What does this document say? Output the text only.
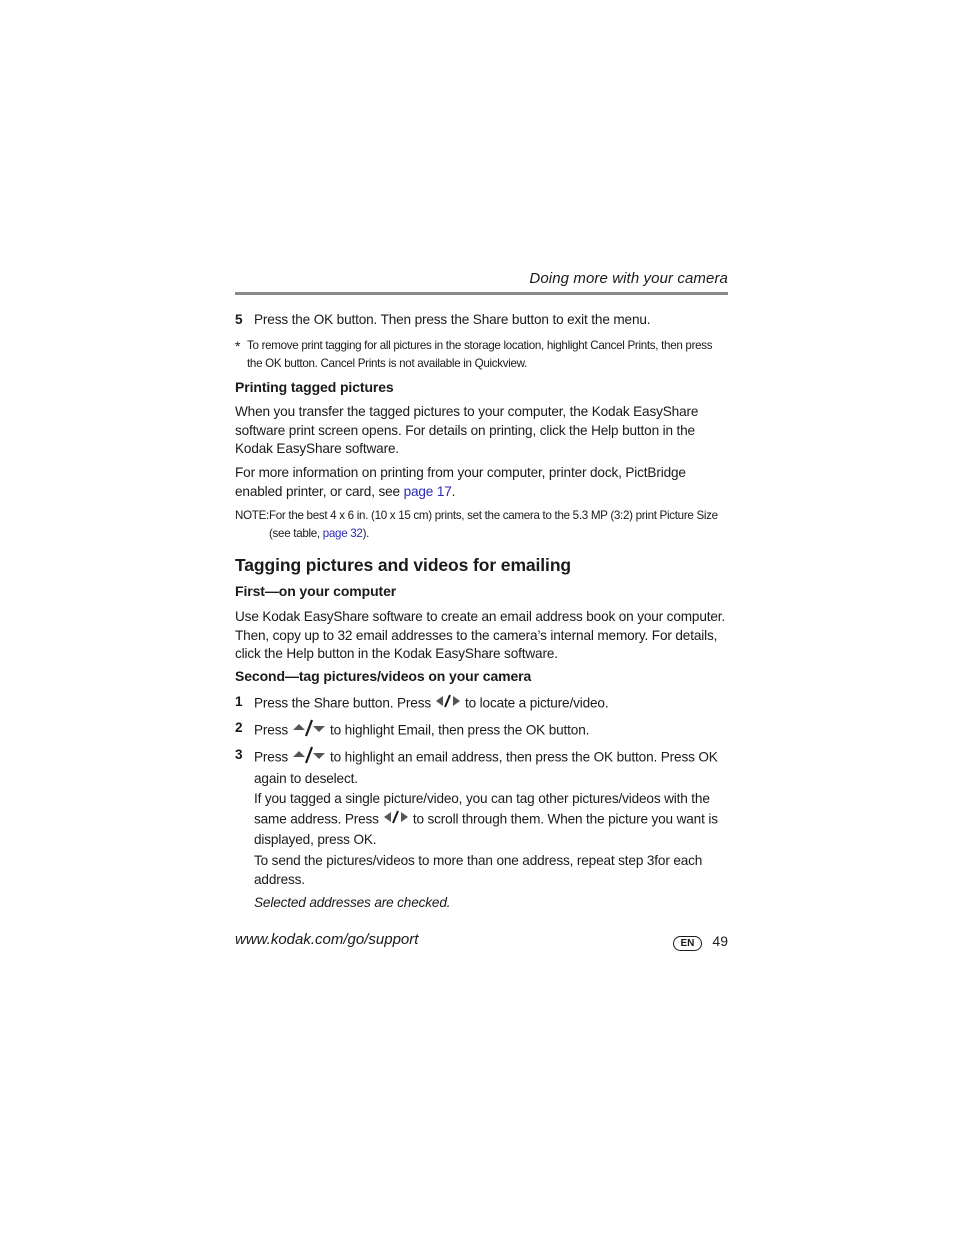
Doing more with your camera
5 Press the OK button. Then press the Share button to exit the menu.
* To remove print tagging for all pictures in the storage location, highlight Cancel Prints, then press the OK button. Cancel Prints is not available in Quickview.
Printing tagged pictures
When you transfer the tagged pictures to your computer, the Kodak EasyShare software print screen opens. For details on printing, click the Help button in the Kodak EasyShare software.
For more information on printing from your computer, printer dock, PictBridge enabled printer, or card, see page 17.
NOTE: For the best 4 x 6 in. (10 x 15 cm) prints, set the camera to the 5.3 MP (3:2) print Picture Size (see table, page 32).
Tagging pictures and videos for emailing
First—on your computer
Use Kodak EasyShare software to create an email address book on your computer. Then, copy up to 32 email addresses to the camera’s internal memory. For details, click the Help button in the Kodak EasyShare software.
Second—tag pictures/videos on your camera
1 Press the Share button. Press	to locate a picture/video.
2 Press	to highlight Email, then press the OK button.
3 Press	to highlight an email address, then press the OK button. Press OK again to deselect.
If you tagged a single picture/video, you can tag other pictures/videos with the same address. Press	to scroll through them. When the picture you want is displayed, press OK.
To send the pictures/videos to more than one address, repeat step 3for each address.
Selected addresses are checked.
www.kodak.com/go/support	EN	49
